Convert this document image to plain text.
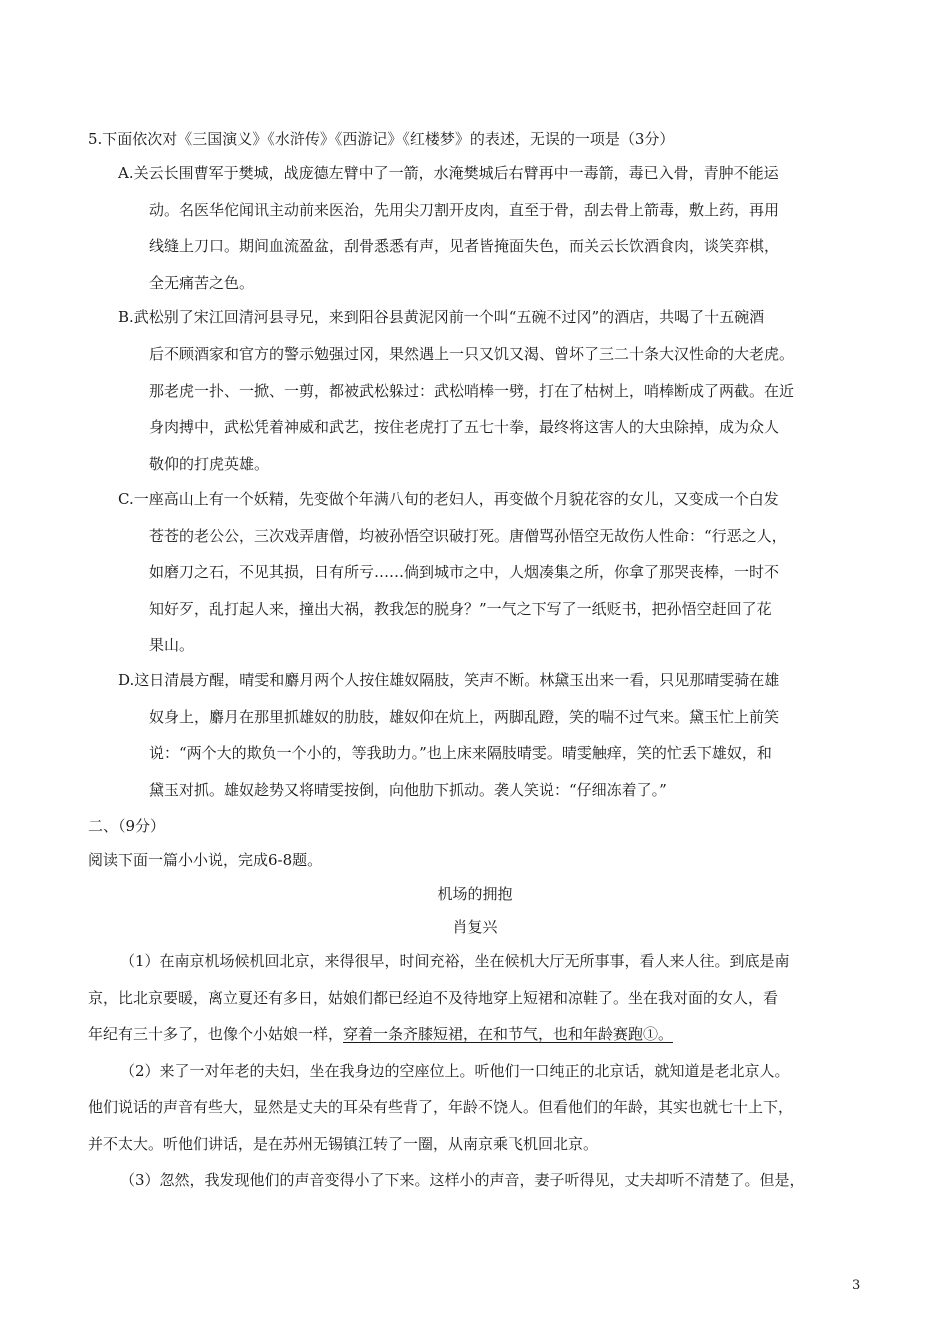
5.下面依次对《三国演义》《水浒传》《西游记》《红楼梦》的表述，无误的一项是（3分）
A.关云长围曹军于樊城，战庞德左臂中了一箭，水淹樊城后右臂再中一毒箭，毒已入骨，青肿不能运
动。名医华佗闻讯主动前来医治，先用尖刀割开皮肉，直至于骨，刮去骨上箭毒，敷上药，再用
线缝上刀口。期间血流盈盆，刮骨悉悉有声，见者皆掩面失色，而关云长饮酒食肉，谈笑弈棋，
全无痛苦之色。
B.武松别了宋江回清河县寻兄，来到阳谷县黄泥冈前一个叫“五碗不过冈”的酒店，共喝了十五碗酒
后不顾酒家和官方的警示勉强过冈，果然遇上一只又饥又渴、曾坏了三二十条大汉性命的大老虎。
那老虎一扑、一掀、一剪，都被武松躲过：武松哨棒一劈，打在了枯树上，哨棒断成了两截。在近
身肉搏中，武松凭着神威和武艺，按住老虎打了五七十拳，最终将这害人的大虫除掉，成为众人
敬仰的打虎英雄。
C.一座高山上有一个妖精，先变做个年满八旬的老妇人，再变做个月貌花容的女儿，又变成一个白发
苍苍的老公公，三次戏弄唐僧，均被孙悟空识破打死。唐僧骂孙悟空无故伤人性命：“行恶之人，
如磨刀之石，不见其损，日有所亏……倘到城市之中，人烟凑集之所，你拿了那哭丧棒，一时不
知好歹，乱打起人来，撞出大祸，教我怎的脱身？”一气之下写了一纸贬书，把孙悟空赶回了花
果山。
D.这日清晨方醒，晴雯和麝月两个人按住雄奴隔肢，笑声不断。林黛玉出来一看，只见那晴雯骑在雄
奴身上，麝月在那里抓雄奴的肋肢，雄奴仰在炕上，两脚乱蹬，笑的喘不过气来。黛玉忙上前笑
说：“两个大的欺负一个小的，等我助力。”也上床来隔肢晴雯。晴雯触痒，笑的忙丢下雄奴，和
黛玉对抓。雄奴趁势又将晴雯按倒，向他肋下抓动。袭人笑说：“仔细冻着了。”
二、（9分）
阅读下面一篇小小说，完成6-8题。
机场的拥抱
肖复兴
（1）在南京机场候机回北京，来得很早，时间充裕，坐在候机大厅无所事事，看人来人往。到底是南
京，比北京要暖，离立夏还有多日，姑娘们都已经迫不及待地穿上短裙和凉鞋了。坐在我对面的女人，看
年纪有三十多了，也像个小姑娘一样，穿着一条齐膝短裙，在和节气，也和年龄赛跑①。
（2）来了一对年老的夫妇，坐在我身边的空座位上。听他们一口纯正的北京话，就知道是老北京人。
他们说话的声音有些大，显然是丈夫的耳朵有些背了，年龄不饶人。但看他们的年龄，其实也就七十上下，
并不太大。听他们讲话，是在苏州无锡镇江转了一圈，从南京乘飞机回北京。
（3）忽然，我发现他们的声音变得小了下来。这样小的声音，妻子听得见，丈夫却听不清楚了。但是，
3
